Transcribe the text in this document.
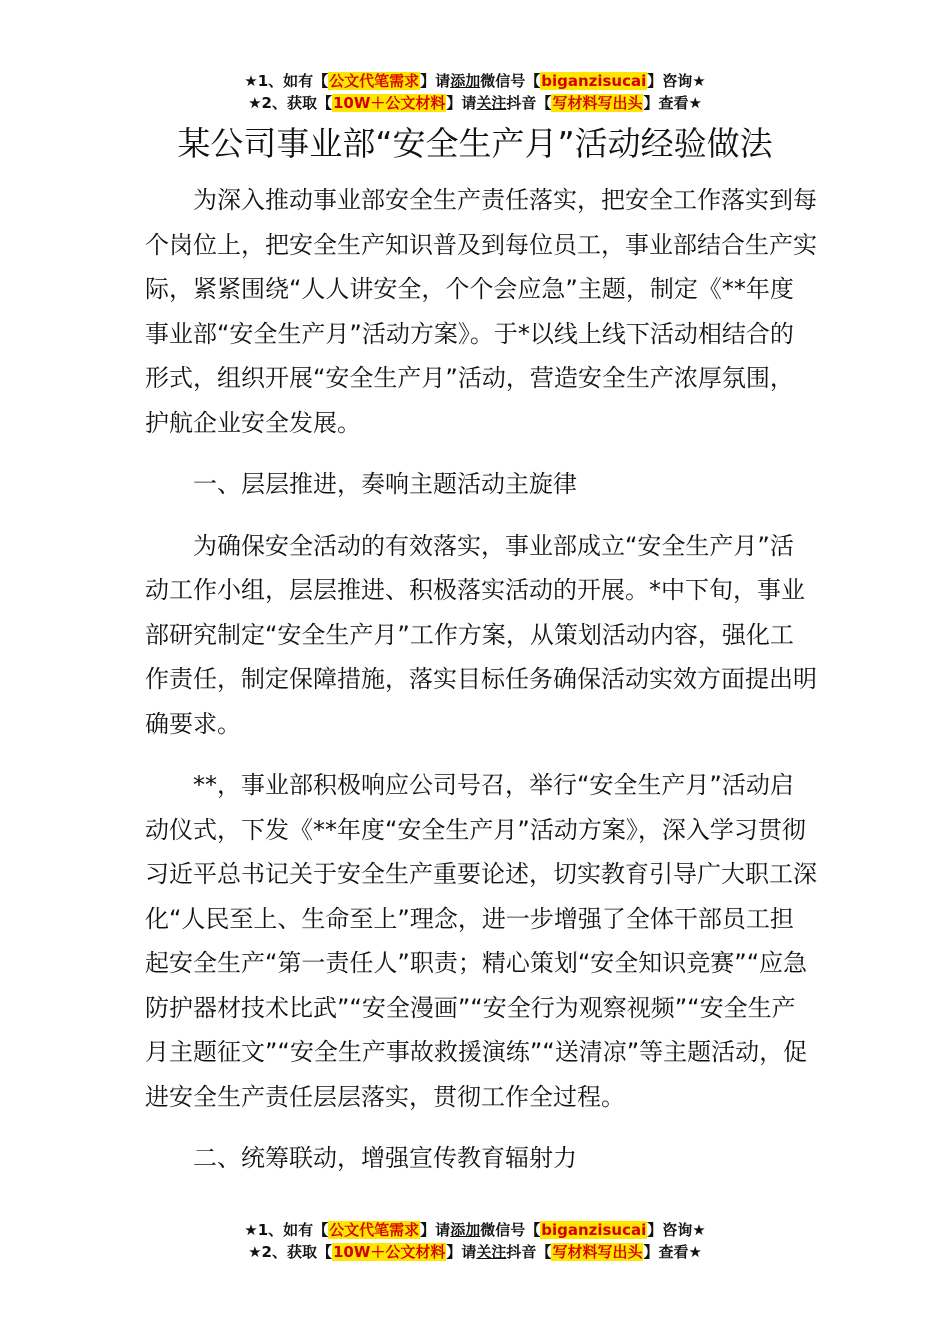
★1、如有【公文代笔需求】请添加微信号【biganzisucai】咨询★
★2、获取【10W＋公文材料】请关注抖音【写材料写出头】查看★
某公司事业部“安全生产月”活动经验做法

为深入推动事业部安全生产责任落实，把安全工作落实到每个岗位上，把安全生产知识普及到每位员工，事业部结合生产实际，紧紧围绕“人人讲安全，个个会应急”主题，制定《**年度事业部“安全生产月”活动方案》。于*以线上线下活动相结合的形式，组织开展“安全生产月”活动，营造安全生产浓厚氛围，护航企业安全发展。

一、层层推进，奏响主题活动主旋律

为确保安全活动的有效落实，事业部成立“安全生产月”活动工作小组，层层推进、积极落实活动的开展。*中下旬，事业部研究制定“安全生产月”工作方案，从策划活动内容，强化工作责任，制定保障措施，落实目标任务确保活动实效方面提出明确要求。

**，事业部积极响应公司号召，举行“安全生产月”活动启动仪式，下发《**年度“安全生产月”活动方案》，深入学习贯彻习近平总书记关于安全生产重要论述，切实教育引导广大职工深化“人民至上、生命至上”理念，进一步增强了全体干部员工担起安全生产“第一责任人”职责；精心策划“安全知识竞赛”“应急防护器材技术比武”“安全漫画”“安全行为观察视频”“安全生产月主题征文”“安全生产事故救援演练”“送清凉”等主题活动，促进安全生产责任层层落实，贯彻工作全过程。

二、统筹联动，增强宣传教育辐射力

★1、如有【公文代笔需求】请添加微信号【biganzisucai】咨询★
★2、获取【10W＋公文材料】请关注抖音【写材料写出头】查看★
